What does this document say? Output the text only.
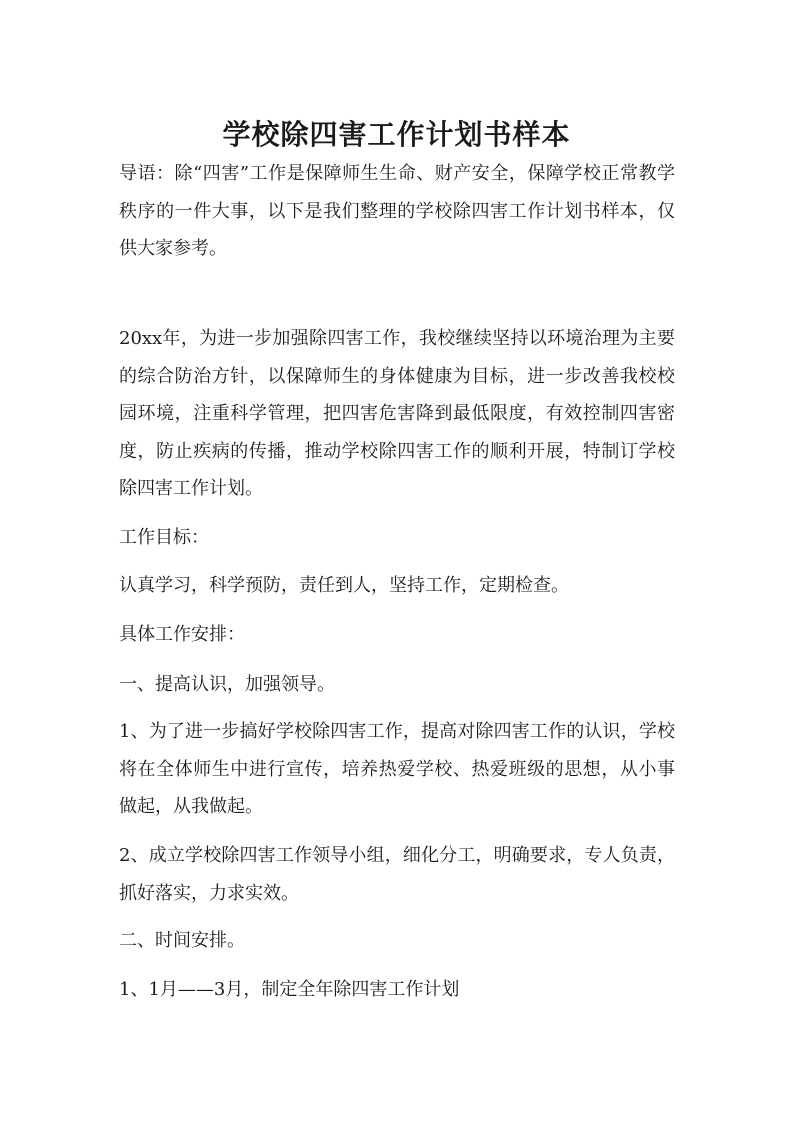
学校除四害工作计划书样本

导语：除“四害”工作是保障师生生命、财产安全，保障学校正常教学秩序的一件大事，以下是我们整理的学校除四害工作计划书样本，仅供大家参考。

20xx年，为进一步加强除四害工作，我校继续坚持以环境治理为主要的综合防治方针，以保障师生的身体健康为目标，进一步改善我校校园环境，注重科学管理，把四害危害降到最低限度，有效控制四害密度，防止疾病的传播，推动学校除四害工作的顺利开展，特制订学校除四害工作计划。

工作目标：

认真学习，科学预防，责任到人，坚持工作，定期检查。

具体工作安排：

一、提高认识，加强领导。

1、为了进一步搞好学校除四害工作，提高对除四害工作的认识，学校将在全体师生中进行宣传，培养热爱学校、热爱班级的思想，从小事做起，从我做起。

2、成立学校除四害工作领导小组，细化分工，明确要求，专人负责，抓好落实，力求实效。

二、时间安排。

1、1月——3月，制定全年除四害工作计划
